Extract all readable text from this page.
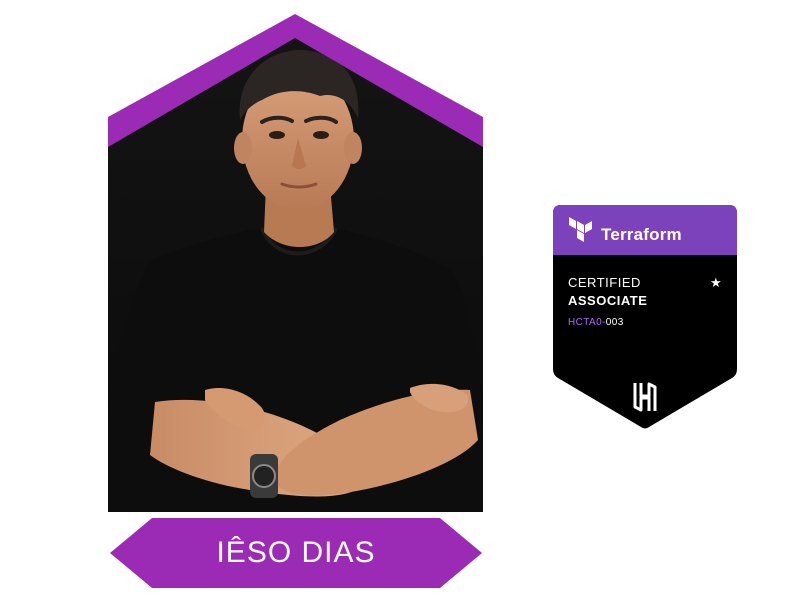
IÊSO DIAS
Terraform
CERTIFIED
ASSOCIATE
★
HCTA0-003
